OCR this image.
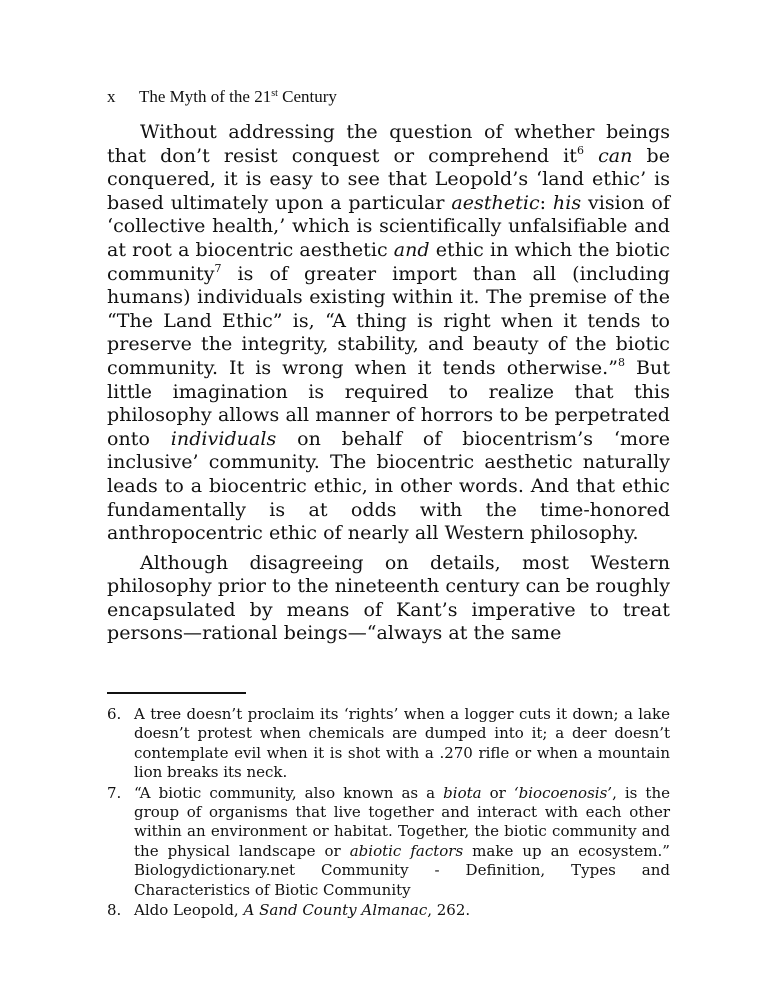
x The Myth of the 21st Century

Without addressing the question of whether beings that don’t resist conquest or comprehend $it^6$ can be conquered, it is easy to see that Leopold’s ‘land ethic’ is based ultimately upon a particular aesthetic: his vision of ‘collective health,’ which is scientifically unfalsifiable and at root a biocentric aesthetic and ethic in which the biotic community$^7$ is of greater import than all (including humans) individuals existing within it. The premise of the “The Land Ethic” is, “A thing is right when it tends to preserve the integrity, stability, and beauty of the biotic community. It is wrong when it tends otherwise.”$^8$ But little imagination is required to realize that this philosophy allows all manner of horrors to be perpetrated onto individuals on behalf of biocentrism’s ‘more inclusive’ community. The biocentric aesthetic naturally leads to a biocentric ethic, in other words. And that ethic fundamentally is at odds with the time-honored anthropocentric ethic of nearly all Western philosophy.

Although disagreeing on details, most Western philosophy prior to the nineteenth century can be roughly encapsulated by means of Kant’s imperative to treat persons—rational beings—“always at the same

6. A tree doesn’t proclaim its ‘rights’ when a logger cuts it down; a lake doesn’t protest when chemicals are dumped into it; a deer doesn’t contemplate evil when it is shot with a .270 rifle or when a mountain lion breaks its neck.
7. “A biotic community, also known as a biota or ‘biocoenosis’, is the group of organisms that live together and interact with each other within an environment or habitat. Together, the biotic community and the physical landscape or abiotic factors make up an ecosystem.” Biologydictionary.net Community - Definition, Types and Characteristics of Biotic Community
8. Aldo Leopold, A Sand County Almanac, 262.
